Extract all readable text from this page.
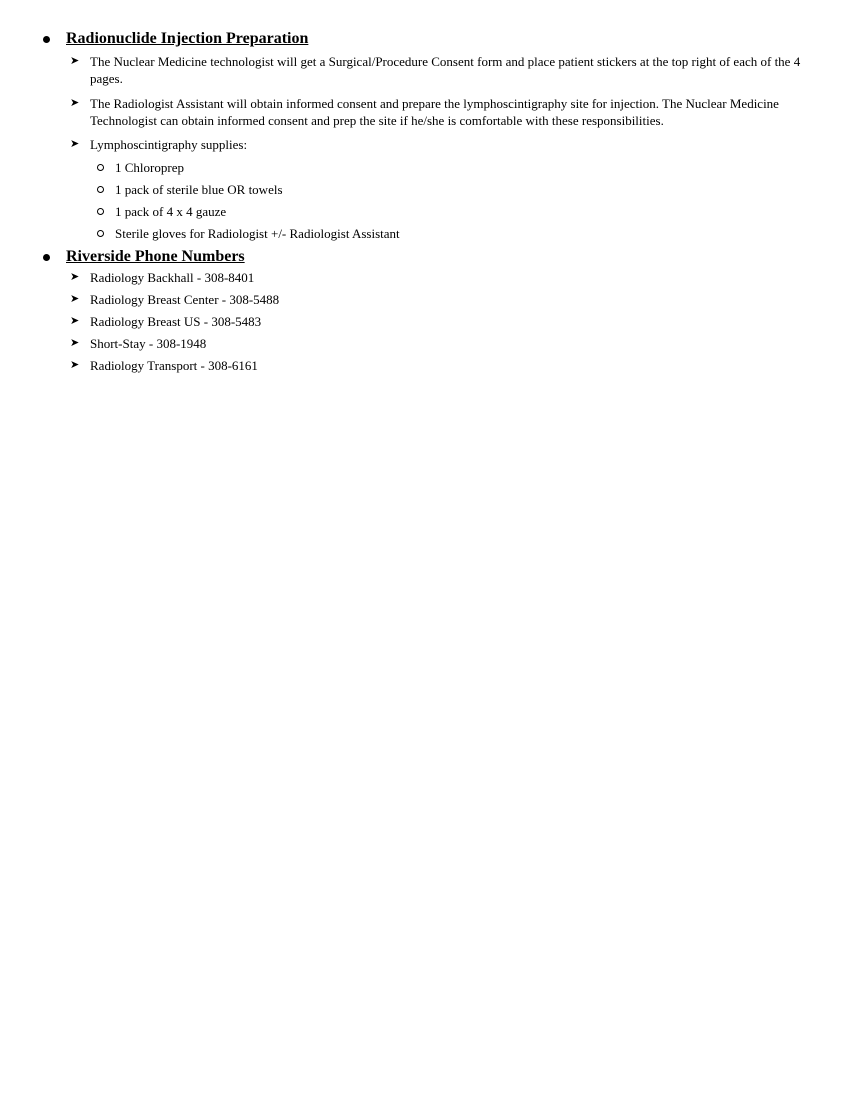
Radionuclide Injection Preparation
➤ The Nuclear Medicine technologist will get a Surgical/Procedure Consent form and place patient stickers at the top right of each of the 4 pages.
➤ The Radiologist Assistant will obtain informed consent and prepare the lymphoscintigraphy site for injection. The Nuclear Medicine Technologist can obtain informed consent and prep the site if he/she is comfortable with these responsibilities.
➤ Lymphoscintigraphy supplies:
1 Chloroprep
1 pack of sterile blue OR towels
1 pack of 4 x 4 gauze
Sterile gloves for Radiologist +/- Radiologist Assistant
Riverside Phone Numbers
➤ Radiology Backhall - 308-8401
➤ Radiology Breast Center - 308-5488
➤ Radiology Breast US - 308-5483
➤ Short-Stay - 308-1948
➤ Radiology Transport - 308-6161
